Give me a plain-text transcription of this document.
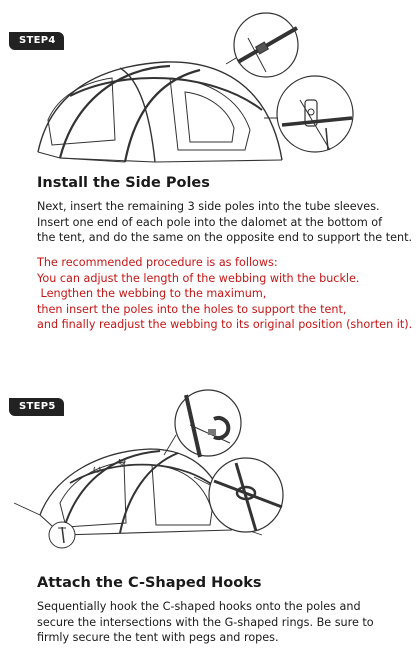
STEP4
Install the Side Poles
Next, insert the remaining 3 side poles into the tube sleeves.
Insert one end of each pole into the dalomet at the bottom of
the tent, and do the same on the opposite end to support the tent.
The recommended procedure is as follows:
You can adjust the length of the webbing with the buckle.
Lengthen the webbing to the maximum,
then insert the poles into the holes to support the tent,
and finally readjust the webbing to its original position (shorten it).
STEP5
Attach the C-Shaped Hooks
Sequentially hook the C-shaped hooks onto the poles and
secure the intersections with the G-shaped rings. Be sure to
firmly secure the tent with pegs and ropes.
